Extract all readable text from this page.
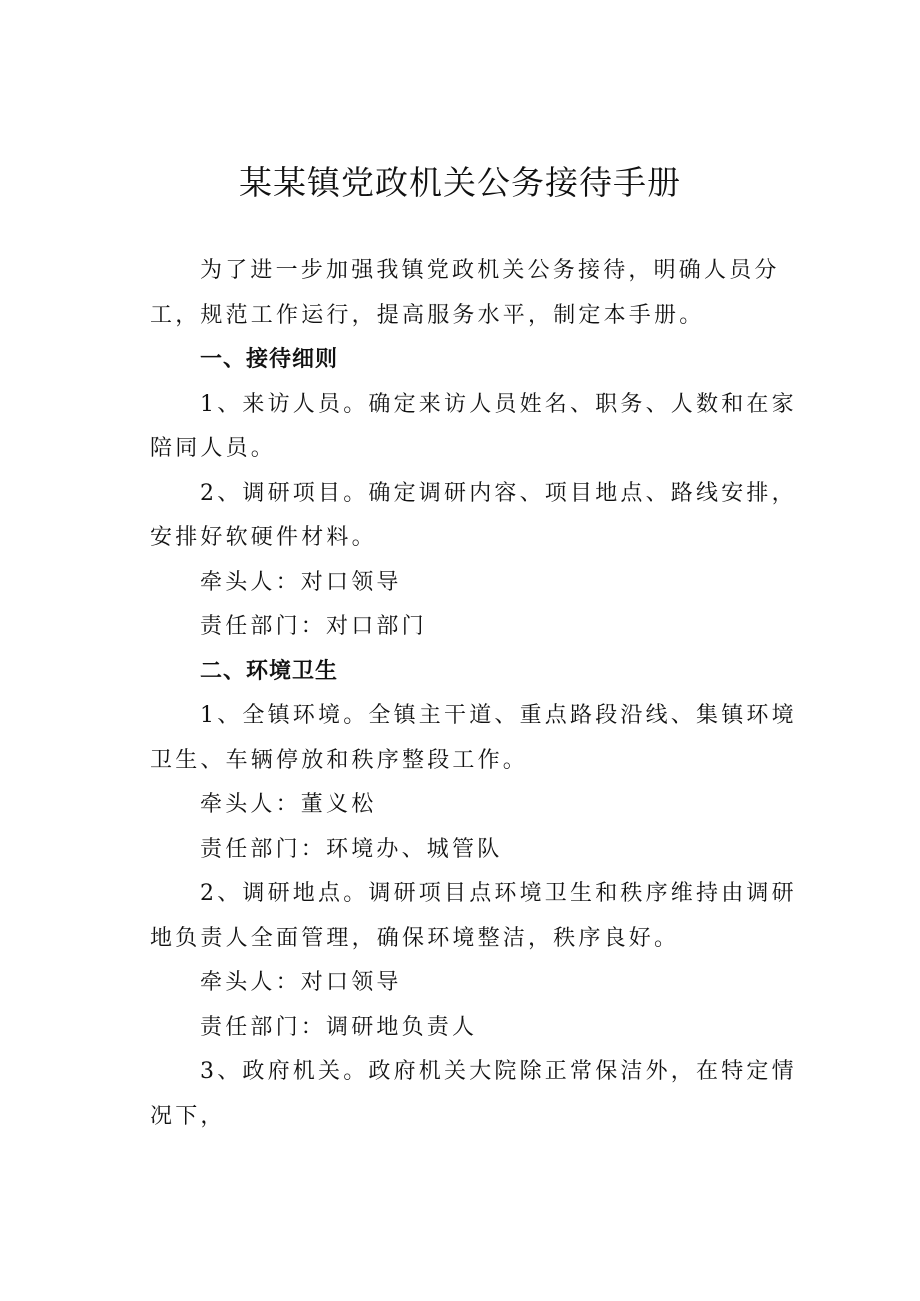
某某镇党政机关公务接待手册

为了进一步加强我镇党政机关公务接待，明确人员分工，规范工作运行，提高服务水平，制定本手册。

一、接待细则

1、来访人员。确定来访人员姓名、职务、人数和在家陪同人员。

2、调研项目。确定调研内容、项目地点、路线安排，安排好软硬件材料。

牵头人：对口领导

责任部门：对口部门

二、环境卫生

1、全镇环境。全镇主干道、重点路段沿线、集镇环境卫生、车辆停放和秩序整段工作。

牵头人：董义松

责任部门：环境办、城管队

2、调研地点。调研项目点环境卫生和秩序维持由调研地负责人全面管理，确保环境整洁，秩序良好。

牵头人：对口领导

责任部门：调研地负责人

3、政府机关。政府机关大院除正常保洁外，在特定情况下，
